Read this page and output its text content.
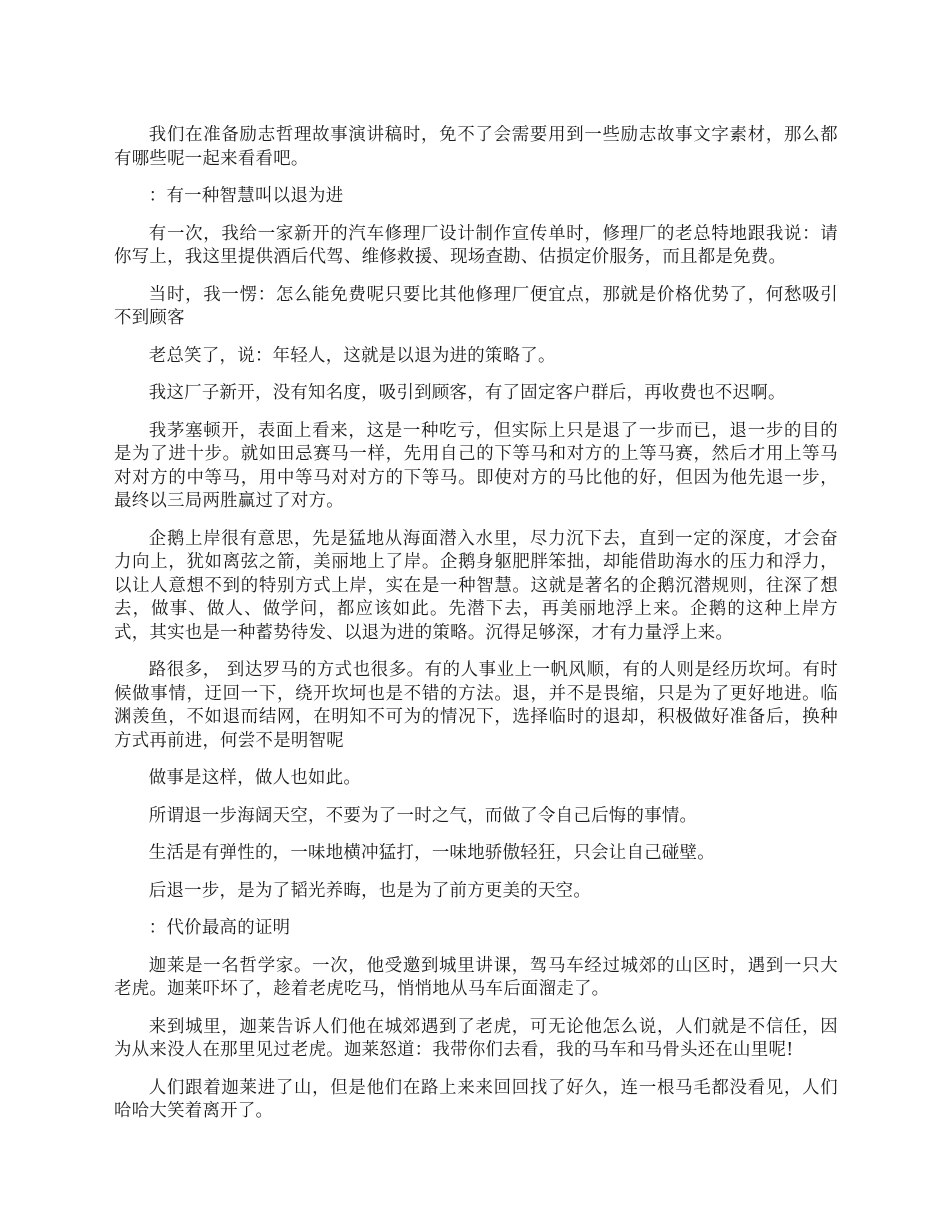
我们在准备励志哲理故事演讲稿时，免不了会需要用到一些励志故事文字素材，那么都有哪些呢一起来看看吧。

：有一种智慧叫以退为进

有一次，我给一家新开的汽车修理厂设计制作宣传单时，修理厂的老总特地跟我说：请你写上，我这里提供酒后代驾、维修救援、现场查勘、估损定价服务，而且都是免费。

当时，我一愣：怎么能免费呢只要比其他修理厂便宜点，那就是价格优势了，何愁吸引不到顾客

老总笑了，说：年轻人，这就是以退为进的策略了。

我这厂子新开，没有知名度，吸引到顾客，有了固定客户群后，再收费也不迟啊。

我茅塞顿开，表面上看来，这是一种吃亏，但实际上只是退了一步而已，退一步的目的是为了进十步。就如田忌赛马一样，先用自己的下等马和对方的上等马赛，然后才用上等马对对方的中等马，用中等马对对方的下等马。即使对方的马比他的好，但因为他先退一步，最终以三局两胜赢过了对方。

企鹅上岸很有意思，先是猛地从海面潜入水里，尽力沉下去，直到一定的深度，才会奋力向上，犹如离弦之箭，美丽地上了岸。企鹅身躯肥胖笨拙，却能借助海水的压力和浮力，以让人意想不到的特别方式上岸，实在是一种智慧。这就是著名的企鹅沉潜规则，往深了想去，做事、做人、做学问，都应该如此。先潜下去，再美丽地浮上来。企鹅的这种上岸方式，其实也是一种蓄势待发、以退为进的策略。沉得足够深，才有力量浮上来。

路很多， 到达罗马的方式也很多。有的人事业上一帆风顺，有的人则是经历坎坷。有时候做事情，迂回一下，绕开坎坷也是不错的方法。退，并不是畏缩，只是为了更好地进。临渊羡鱼，不如退而结网，在明知不可为的情况下，选择临时的退却，积极做好准备后，换种方式再前进，何尝不是明智呢

做事是这样，做人也如此。

所谓退一步海阔天空，不要为了一时之气，而做了令自己后悔的事情。

生活是有弹性的，一味地横冲猛打，一味地骄傲轻狂，只会让自己碰壁。

后退一步，是为了韬光养晦，也是为了前方更美的天空。

：代价最高的证明

迦莱是一名哲学家。一次，他受邀到城里讲课，驾马车经过城郊的山区时，遇到一只大老虎。迦莱吓坏了，趁着老虎吃马，悄悄地从马车后面溜走了。

来到城里，迦莱告诉人们他在城郊遇到了老虎，可无论他怎么说，人们就是不信任，因为从来没人在那里见过老虎。迦莱怒道：我带你们去看，我的马车和马骨头还在山里呢!

人们跟着迦莱进了山，但是他们在路上来来回回找了好久，连一根马毛都没看见，人们哈哈大笑着离开了。
